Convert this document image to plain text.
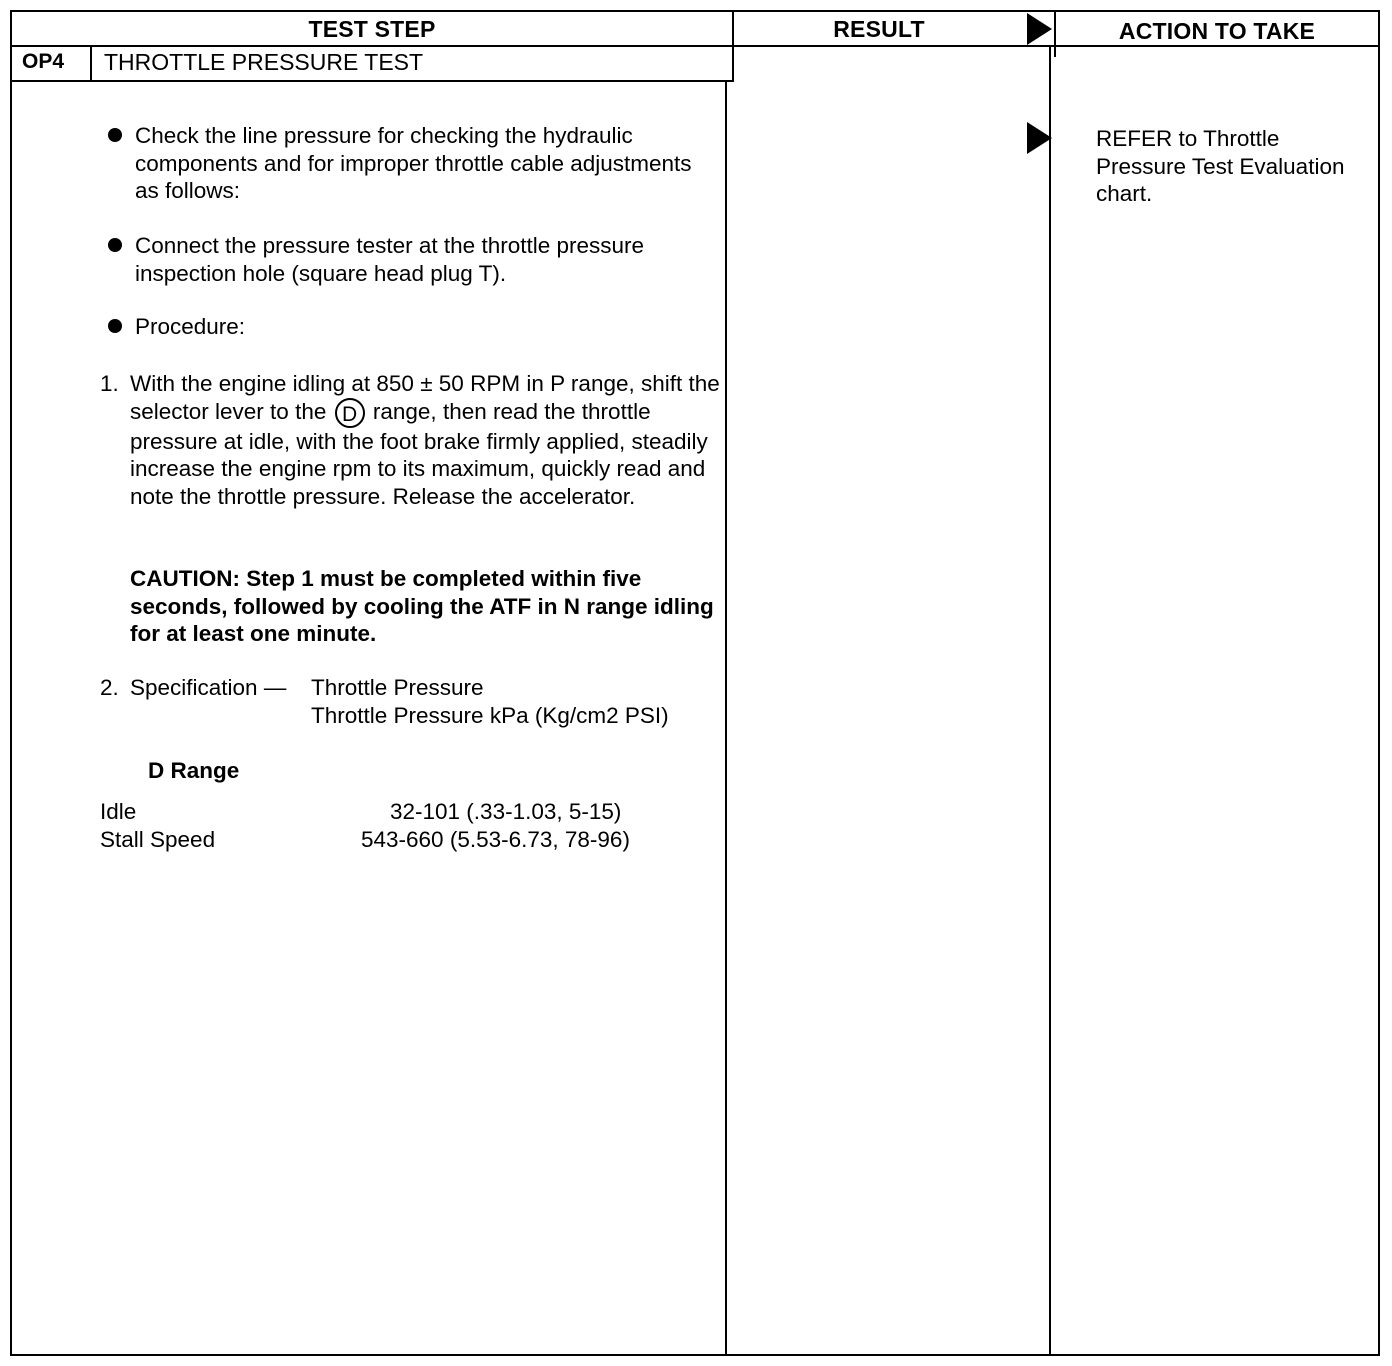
TEST STEP	RESULT	ACTION TO TAKE
OP4 THROTTLE PRESSURE TEST
Check the line pressure for checking the hydraulic components and for improper throttle cable adjustments as follows:
Connect the pressure tester at the throttle pressure inspection hole (square head plug T).
Procedure:
1. With the engine idling at 850 ± 50 RPM in P range, shift the selector lever to the D range, then read the throttle pressure at idle, with the foot brake firmly applied, steadily increase the engine rpm to its maximum, quickly read and note the throttle pressure. Release the accelerator.
CAUTION: Step 1 must be completed within five seconds, followed by cooling the ATF in N range idling for at least one minute.
2. Specification — Throttle Pressure
Throttle Pressure kPa (Kg/cm2 PSI)
D Range
Idle	32-101 (.33-1.03, 5-15)
Stall Speed	543-660 (5.53-6.73, 78-96)
REFER to Throttle Pressure Test Evaluation chart.
